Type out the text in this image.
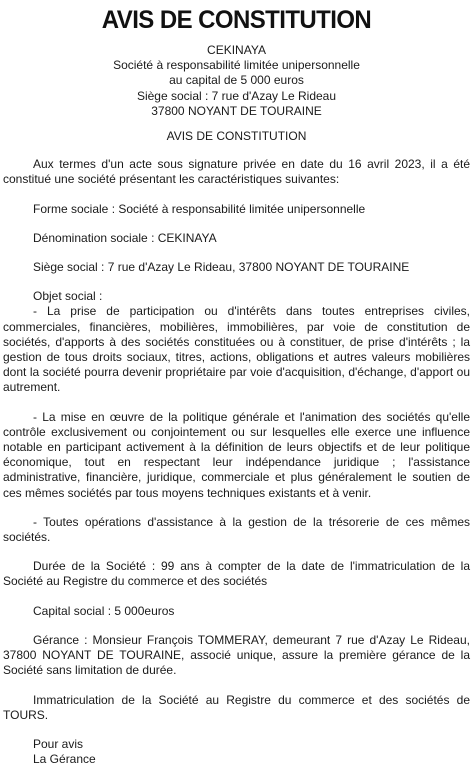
AVIS DE CONSTITUTION
CEKINAYA
Société à responsabilité limitée unipersonnelle
au capital de 5 000 euros
Siège social : 7 rue d'Azay Le Rideau
37800 NOYANT DE TOURAINE
AVIS DE CONSTITUTION

Aux termes d'un acte sous signature privée en date du 16 avril 2023, il a été constitué une société présentant les caractéristiques suivantes:

Forme sociale : Société à responsabilité limitée unipersonnelle

Dénomination sociale : CEKINAYA

Siège social : 7 rue d'Azay Le Rideau, 37800 NOYANT DE TOURAINE

Objet social :

- La prise de participation ou d'intérêts dans toutes entreprises civiles, commerciales, financières, mobilières, immobilières, par voie de constitution de sociétés, d'apports à des sociétés constituées ou à constituer, de prise d'intérêts ; la gestion de tous droits sociaux, titres, actions, obligations et autres valeurs mobilières dont la société pourra devenir propriétaire par voie d'acquisition, d'échange, d'apport ou autrement.

- La mise en œuvre de la politique générale et l'animation des sociétés qu'elle contrôle exclusivement ou conjointement ou sur lesquelles elle exerce une influence notable en participant activement à la définition de leurs objectifs et de leur politique économique, tout en respectant leur indépendance juridique ; l'assistance administrative, financière, juridique, commerciale et plus généralement le soutien de ces mêmes sociétés par tous moyens techniques existants et à venir.

- Toutes opérations d'assistance à la gestion de la trésorerie de ces mêmes sociétés.

Durée de la Société : 99 ans à compter de la date de l'immatriculation de la Société au Registre du commerce et des sociétés

Capital social : 5 000euros

Gérance : Monsieur François TOMMERAY, demeurant 7 rue d'Azay Le Rideau, 37800 NOYANT DE TOURAINE, associé unique, assure la première gérance de la Société sans limitation de durée.

Immatriculation de la Société au Registre du commerce et des sociétés de TOURS.

Pour avis

La Gérance
